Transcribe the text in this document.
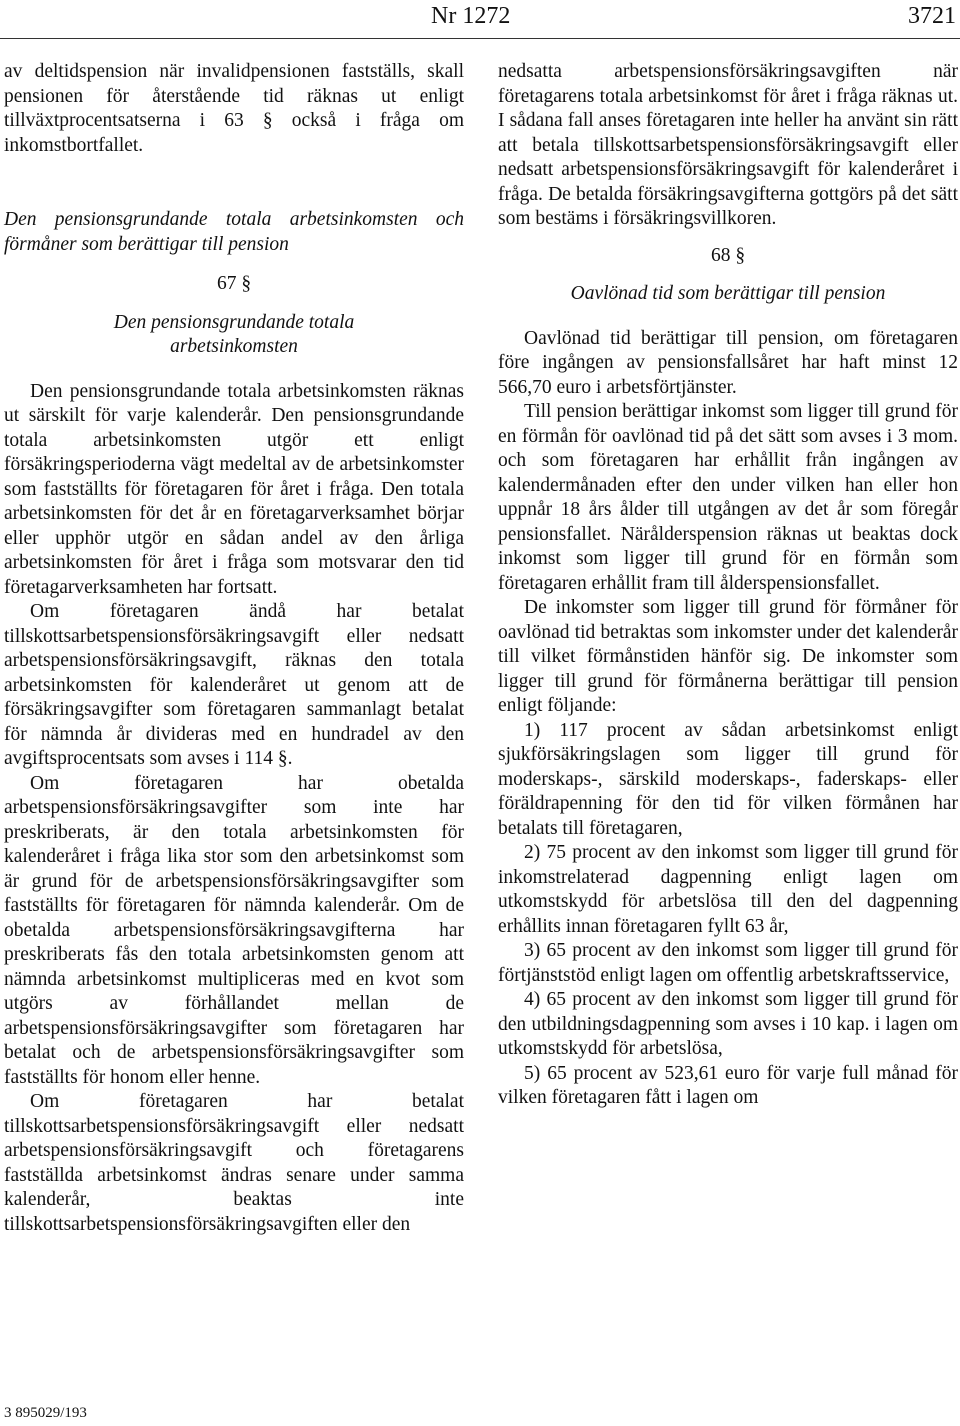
Nr 1272	3721

av deltidspension när invalidpensionen fastställs, skall pensionen för återstående tid räknas ut enligt tillväxtprocentsatserna i 63 § också i fråga om inkomstbortfallet.

Den pensionsgrundande totala arbetsinkomsten och förmåner som berättigar till pension

67 §

Den pensionsgrundande totala arbetsinkomsten

Den pensionsgrundande totala arbetsinkomsten räknas ut särskilt för varje kalenderår. Den pensionsgrundande totala arbetsinkomsten utgör ett enligt försäkringsperioderna vägt medeltal av de arbetsinkomster som fastställts för företagaren för året i fråga. Den totala arbetsinkomsten för det år en företagarverksamhet börjar eller upphör utgör en sådan andel av den årliga arbetsinkomsten för året i fråga som motsvarar den tid företagarverksamheten har fortsatt.

Om företagaren ändå har betalat tillskottsarbetspensionsförsäkringsavgift eller nedsatt arbetspensionsförsäkringsavgift, räknas den totala arbetsinkomsten för kalenderåret ut genom att de försäkringsavgifter som företagaren sammanlagt betalat för nämnda år divideras med en hundradel av den avgiftsprocentsats som avses i 114 §.

Om företagaren har obetalda arbetspensionsförsäkringsavgifter som inte har preskriberats, är den totala arbetsinkomsten för kalenderåret i fråga lika stor som den arbetsinkomst som är grund för de arbetspensionsförsäkringsavgifter som fastställts för företagaren för nämnda kalenderår. Om de obetalda arbetspensionsförsäkringsavgifterna har preskriberats fås den totala arbetsinkomsten genom att nämnda arbetsinkomst multipliceras med en kvot som utgörs av förhållandet mellan de arbetspensionsförsäkringsavgifter som företagaren har betalat och de arbetspensionsförsäkringsavgifter som fastställts för honom eller henne.

Om företagaren har betalat tillskottsarbetspensionsförsäkringsavgift eller nedsatt arbetspensionsförsäkringsavgift och företagarens fastställda arbetsinkomst ändras senare under samma kalenderår, beaktas inte tillskottsarbetspensionsförsäkringsavgiften eller den

nedsatta arbetspensionsförsäkringsavgiften när företagarens totala arbetsinkomst för året i fråga räknas ut. I sådana fall anses företagaren inte heller ha använt sin rätt att betala tillskottsarbetspensionsförsäkringsavgift eller nedsatt arbetspensionsförsäkringsavgift för kalenderåret i fråga. De betalda försäkringsavgifterna gottgörs på det sätt som bestäms i försäkringsvillkoren.

68 §

Oavlönad tid som berättigar till pension

Oavlönad tid berättigar till pension, om företagaren före ingången av pensionsfallsåret har haft minst 12 566,70 euro i arbetsförtjänster.

Till pension berättigar inkomst som ligger till grund för en förmån för oavlönad tid på det sätt som avses i 3 mom. och som företagaren har erhållit från ingången av kalendermånaden efter den under vilken han eller hon uppnår 18 års ålder till utgången av det år som föregår pensionsfallet. Närålderspension räknas ut beaktas dock inkomst som ligger till grund för en förmån som företagaren erhållit fram till ålderspensionsfallet.

De inkomster som ligger till grund för förmåner för oavlönad tid betraktas som inkomster under det kalenderår till vilket förmånstiden hänför sig. De inkomster som ligger till grund för förmånerna berättigar till pension enligt följande:

1) 117 procent av sådan arbetsinkomst enligt sjukförsäkringslagen som ligger till grund för moderskaps-, särskild moderskaps-, faderskaps- eller föräldrapenning för den tid för vilken förmånen har betalats till företagaren,

2) 75 procent av den inkomst som ligger till grund för inkomstrelaterad dagpenning enligt lagen om utkomstskydd för arbetslösa till den del dagpenning erhållits innan företagaren fyllt 63 år,

3) 65 procent av den inkomst som ligger till grund för förtjänststöd enligt lagen om offentlig arbetskraftsservice,

4) 65 procent av den inkomst som ligger till grund för den utbildningsdagpenning som avses i 10 kap. i lagen om utkomstskydd för arbetslösa,

5) 65 procent av 523,61 euro för varje full månad för vilken företagaren fått i lagen om

3 895029/193
